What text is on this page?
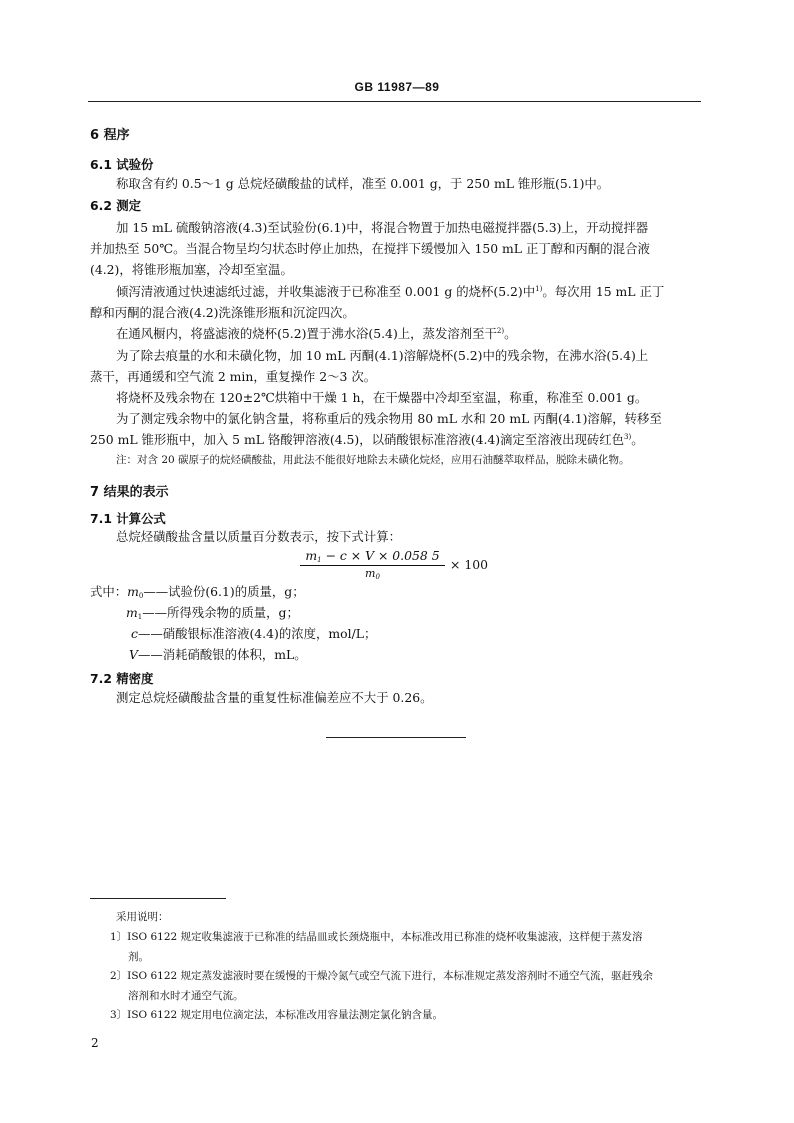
GB 11987—89
6 程序
6.1 试验份
称取含有约 0.5～1 g 总烷烃磺酸盐的试样，准至 0.001 g，于 250 mL 锥形瓶(5.1)中。
6.2 测定
加 15 mL 硫酸钠溶液(4.3)至试验份(6.1)中，将混合物置于加热电磁搅拌器(5.3)上，开动搅拌器
并加热至 50℃。当混合物呈均匀状态时停止加热，在搅拌下缓慢加入 150 mL 正丁醇和丙酮的混合液
(4.2)，将锥形瓶加塞，冷却至室温。
倾泻清液通过快速滤纸过滤，并收集滤液于已称准至 0.001 g 的烧杯(5.2)中$^{1)}$。每次用 15 mL 正丁
醇和丙酮的混合液(4.2)洗涤锥形瓶和沉淀四次。
在通风橱内，将盛滤液的烧杯(5.2)置于沸水浴(5.4)上，蒸发溶剂至干$^{2)}$。
为了除去痕量的水和未磺化物，加 10 mL 丙酮(4.1)溶解烧杯(5.2)中的残余物，在沸水浴(5.4)上
蒸干，再通缓和空气流 2 min，重复操作 2～3 次。
将烧杯及残余物在 120±2℃烘箱中干燥 1 h，在干燥器中冷却至室温，称重，称准至 0.001 g。
为了测定残余物中的氯化钠含量，将称重后的残余物用 80 mL 水和 20 mL 丙酮(4.1)溶解，转移至
250 mL 锥形瓶中，加入 5 mL 铬酸钾溶液(4.5)，以硝酸银标准溶液(4.4)滴定至溶液出现砖红色$^{3)}$。
注：对含 20 碳原子的烷烃磺酸盐，用此法不能很好地除去未磺化烷烃，应用石油醚萃取样品，脱除未磺化物。
7 结果的表示
7.1 计算公式
总烷烃磺酸盐含量以质量百分数表示，按下式计算：
$\frac{m_1 - c \times V \times 0.058 5}{m_0} \times 100$
式中：$m_0——$试验份(6.1)的质量，g；
$m_1——$所得残余物的质量，g；
c——硝酸银标准溶液(4.4)的浓度，mol/L；
V——消耗硝酸银的体积，mL。
7.2 精密度
测定总烷烃磺酸盐含量的重复性标准偏差应不大于 0.26。
采用说明：
1〕ISO 6122 规定收集滤液于已称准的结晶皿或长颈烧瓶中，本标准改用已称准的烧杯收集滤液，这样便于蒸发溶
剂。
2〕ISO 6122 规定蒸发滤液时要在缓慢的干燥冷氮气或空气流下进行，本标准规定蒸发溶剂时不通空气流，驱赶残余
溶剂和水时才通空气流。
3〕ISO 6122 规定用电位滴定法，本标准改用容量法测定氯化钠含量。
2
